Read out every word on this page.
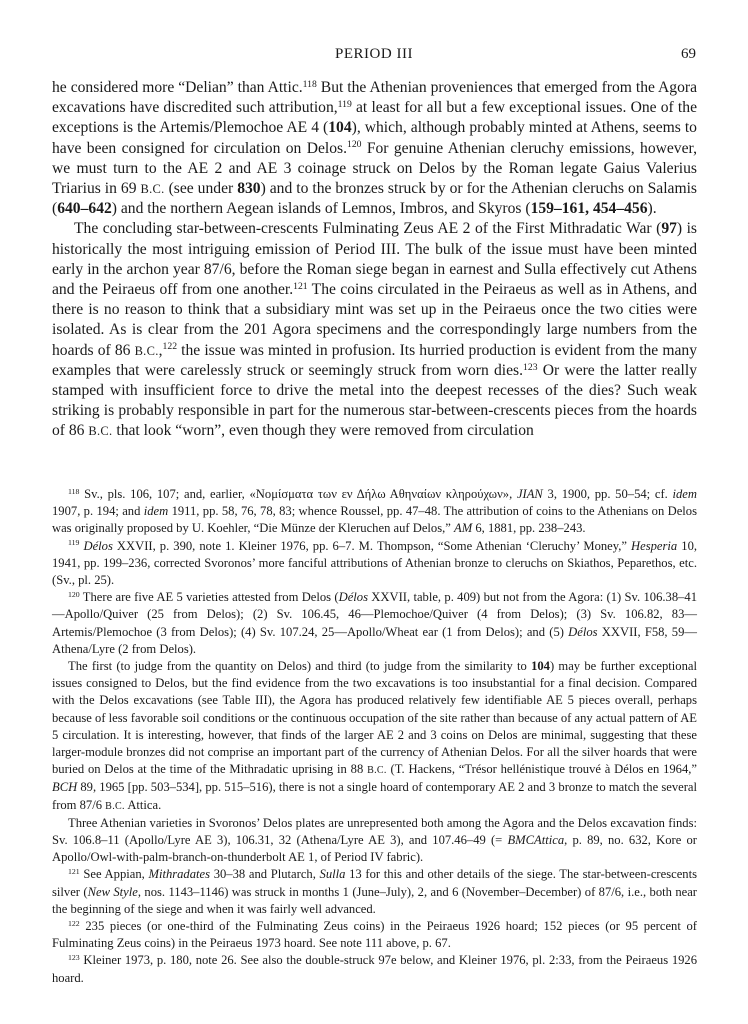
PERIOD III	69

he considered more “Delian” than Attic.$^{118}$ But the Athenian proveniences that emerged from the Agora excavations have discredited such attribution,$^{119}$ at least for all but a few exceptional issues. One of the exceptions is the Artemis/Plemochoe AE 4 (104), which, although probably minted at Athens, seems to have been consigned for circulation on Delos.$^{120}$ For genuine Athenian cleruchy emissions, however, we must turn to the AE 2 and AE 3 coinage struck on Delos by the Roman legate Gaius Valerius Triarius in 69 B.C. (see under 830) and to the bronzes struck by or for the Athenian cleruchs on Salamis (640–642) and the northern Aegean islands of Lemnos, Imbros, and Skyros (159–161, 454–456).

The concluding star-between-crescents Fulminating Zeus AE 2 of the First Mithradatic War (97) is historically the most intriguing emission of Period III. The bulk of the issue must have been minted early in the archon year 87/6, before the Roman siege began in earnest and Sulla effectively cut Athens and the Peiraeus off from one another.$^{121}$ The coins circulated in the Peiraeus as well as in Athens, and there is no reason to think that a subsidiary mint was set up in the Peiraeus once the two cities were isolated. As is clear from the 201 Agora specimens and the correspondingly large numbers from the hoards of 86 B.C.,$^{122}$ the issue was minted in profusion. Its hurried production is evident from the many examples that were carelessly struck or seemingly struck from worn dies.$^{123}$ Or were the latter really stamped with insufficient force to drive the metal into the deepest recesses of the dies? Such weak striking is probably responsible in part for the numerous star-between-crescents pieces from the hoards of 86 B.C. that look “worn”, even though they were removed from circulation

$^{118}$ Sv., pls. 106, 107; and, earlier, «Noμίσματα των εν Δήλω Αθηναίων κληρούχων», JIAN 3, 1900, pp. 50–54; cf. idem 1907, p. 194; and idem 1911, pp. 58, 76, 78, 83; whence Roussel, pp. 47–48. The attribution of coins to the Athenians on Delos was originally proposed by U. Koehler, “Die Münze der Kleruchen auf Delos,” AM 6, 1881, pp. 238–243.

$^{119}$ Délos XXVII, p. 390, note 1. Kleiner 1976, pp. 6–7. M. Thompson, “Some Athenian ‘Cleruchy’ Money,” Hesperia 10, 1941, pp. 199–236, corrected Svoronos’ more fanciful attributions of Athenian bronze to cleruchs on Skiathos, Peparethos, etc. (Sv., pl. 25).

$^{120}$ There are five AE 5 varieties attested from Delos (Délos XXVII, table, p. 409) but not from the Agora: (1) Sv. 106.38–41—Apollo/Quiver (25 from Delos); (2) Sv. 106.45, 46—Plemochoe/Quiver (4 from Delos); (3) Sv. 106.82, 83—Artemis/Plemochoe (3 from Delos); (4) Sv. 107.24, 25—Apollo/Wheat ear (1 from Delos); and (5) Délos XXVII, F58, 59—Athena/Lyre (2 from Delos).

The first (to judge from the quantity on Delos) and third (to judge from the similarity to 104) may be further exceptional issues consigned to Delos, but the find evidence from the two excavations is too insubstantial for a final decision. Compared with the Delos excavations (see Table III), the Agora has produced relatively few identifiable AE 5 pieces overall, perhaps because of less favorable soil conditions or the continuous occupation of the site rather than because of any actual pattern of AE 5 circulation. It is interesting, however, that finds of the larger AE 2 and 3 coins on Delos are minimal, suggesting that these larger-module bronzes did not comprise an important part of the currency of Athenian Delos. For all the silver hoards that were buried on Delos at the time of the Mithradatic uprising in 88 B.C. (T. Hackens, “Trésor hellénistique trouvé à Délos en 1964,” BCH 89, 1965 [pp. 503–534], pp. 515–516), there is not a single hoard of contemporary AE 2 and 3 bronze to match the several from 87/6 B.C. Attica.

Three Athenian varieties in Svoronos’ Delos plates are unrepresented both among the Agora and the Delos excavation finds: Sv. 106.8–11 (Apollo/Lyre AE 3), 106.31, 32 (Athena/Lyre AE 3), and 107.46–49 (= BMCAttica, p. 89, no. 632, Kore or Apollo/Owl-with-palm-branch-on-thunderbolt AE 1, of Period IV fabric).

$^{121}$ See Appian, Mithradates 30–38 and Plutarch, Sulla 13 for this and other details of the siege. The star-between-crescents silver (New Style, nos. 1143–1146) was struck in months 1 (June–July), 2, and 6 (November–December) of 87/6, i.e., both near the beginning of the siege and when it was fairly well advanced.

$^{122}$ 235 pieces (or one-third of the Fulminating Zeus coins) in the Peiraeus 1926 hoard; 152 pieces (or 95 percent of Fulminating Zeus coins) in the Peiraeus 1973 hoard. See note 111 above, p. 67.

$^{123}$ Kleiner 1973, p. 180, note 26. See also the double-struck 97e below, and Kleiner 1976, pl. 2:33, from the Peiraeus 1926 hoard.
